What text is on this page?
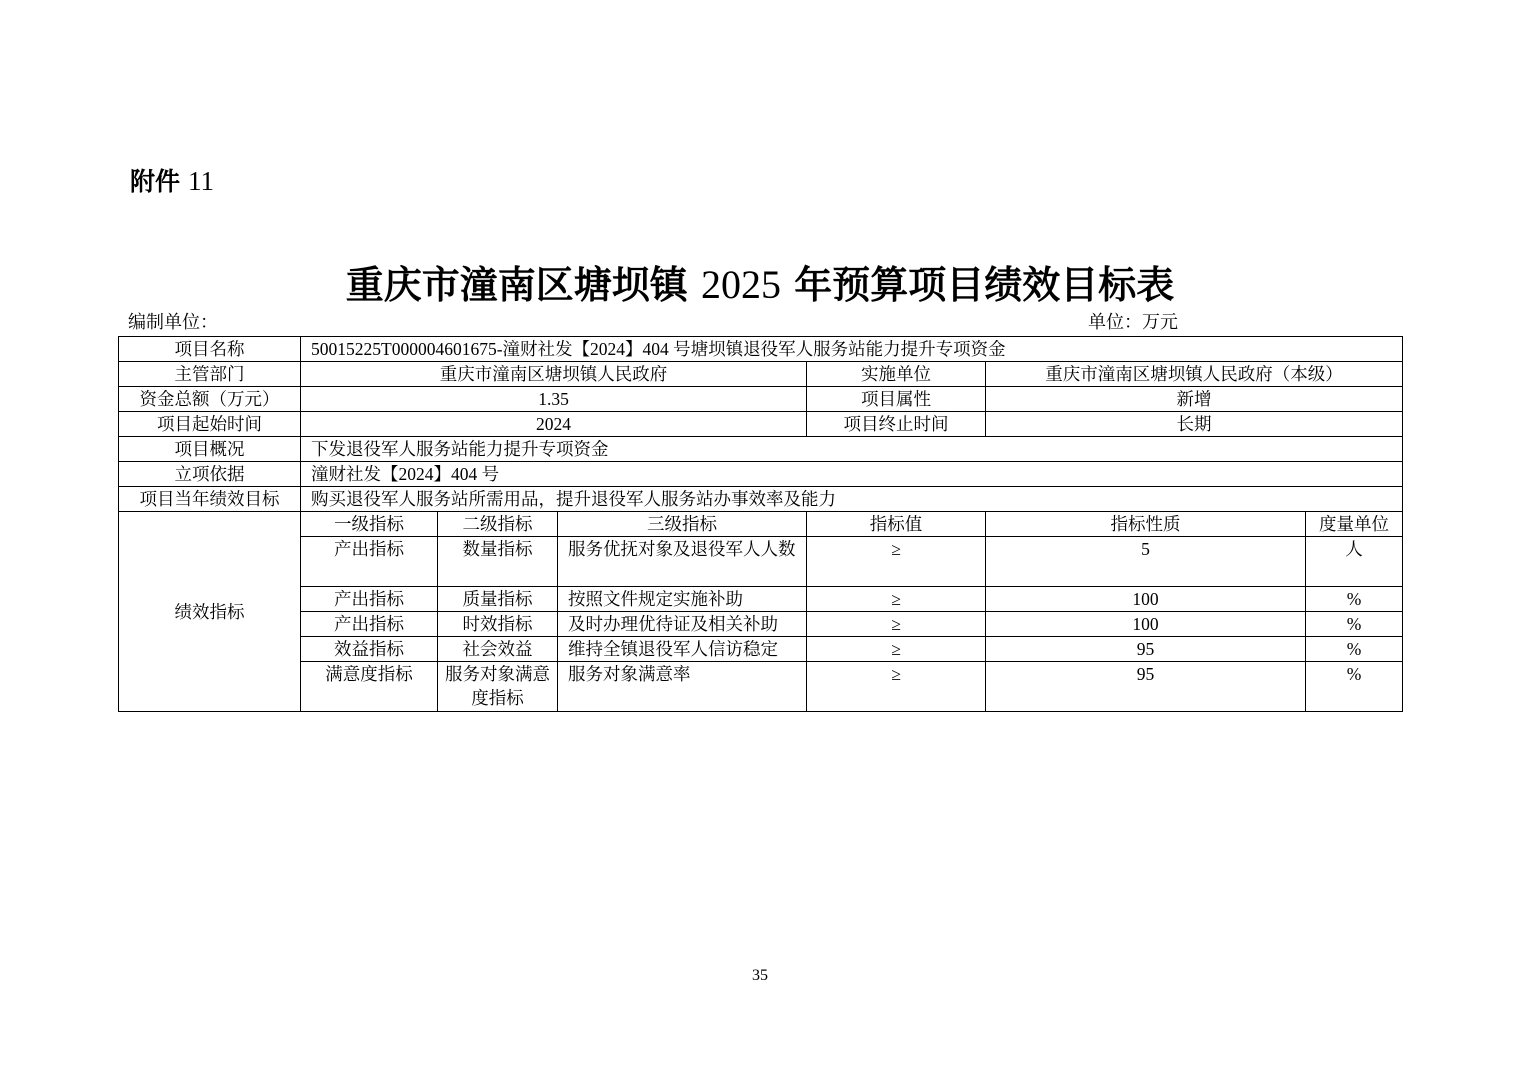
附件 11
重庆市潼南区塘坝镇 2025 年预算项目绩效目标表
编制单位：	单位：万元
项目名称	50015225T000004601675-潼财社发【2024】404 号塘坝镇退役军人服务站能力提升专项资金					
主管部门	重庆市潼南区塘坝镇人民政府			实施单位	重庆市潼南区塘坝镇人民政府（本级）	
资金总额（万元）	1.35			项目属性	新增	
项目起始时间	2024			项目终止时间	长期	
项目概况	下发退役军人服务站能力提升专项资金					
立项依据	潼财社发【2024】404 号					
项目当年绩效目标	购买退役军人服务站所需用品，提升退役军人服务站办事效率及能力					
绩效指标	一级指标	二级指标	三级指标	指标值	指标性质	度量单位
	产出指标	数量指标	服务优抚对象及退役军人人数	≥	5	人
	产出指标	质量指标	按照文件规定实施补助	≥	100	%
	产出指标	时效指标	及时办理优待证及相关补助	≥	100	%
	效益指标	社会效益	维持全镇退役军人信访稳定	≥	95	%
	满意度指标	服务对象满意度指标	服务对象满意率	≥	95	%
35
